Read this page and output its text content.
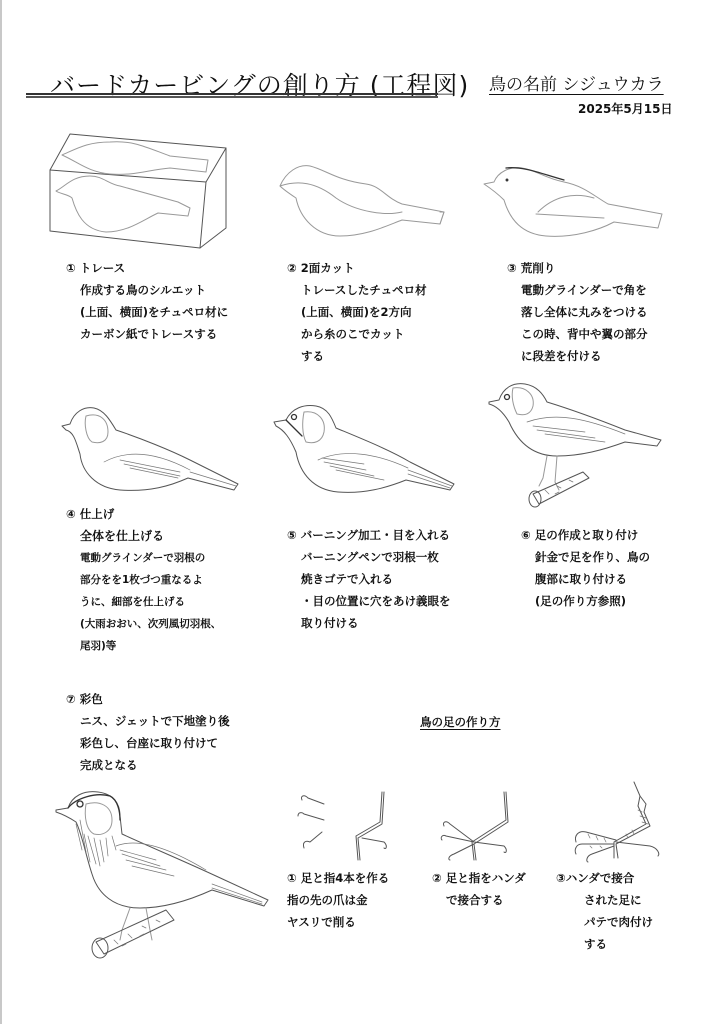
バードカービングの創り方 (工程図) 鳥の名前 シジュウカラ
2025年5月15日
① トレース
作成する鳥のシルエット
(上面、横面)をチュペロ材に
カーボン紙でトレースする
② 2面カット
トレースしたチュペロ材
(上面、横面)を2方向
から糸のこでカット
する
③ 荒削り
電動グラインダーで角を
落し全体に丸みをつける
この時、背中や翼の部分
に段差を付ける
④ 仕上げ
全体を仕上げる
電動グラインダーで羽根の
部分をを1枚づつ重なるよ
うに、細部を仕上げる
(大雨おおい、次列風切羽根、
尾羽)等
⑤ バーニング加工・目を入れる
バーニングペンで羽根一枚
焼きゴテで入れる
・目の位置に穴をあけ義眼を
取り付ける
⑥ 足の作成と取り付け
針金で足を作り、鳥の
腹部に取り付ける
(足の作り方参照)
⑦ 彩色
ニス、ジェットで下地塗り後
彩色し、台座に取り付けて
完成となる
鳥の足の作り方
① 足と指4本を作る
指の先の爪は金
ヤスリで削る
② 足と指をハンダ
で接合する
③ハンダで接合
された足に
パテで肉付け
する
